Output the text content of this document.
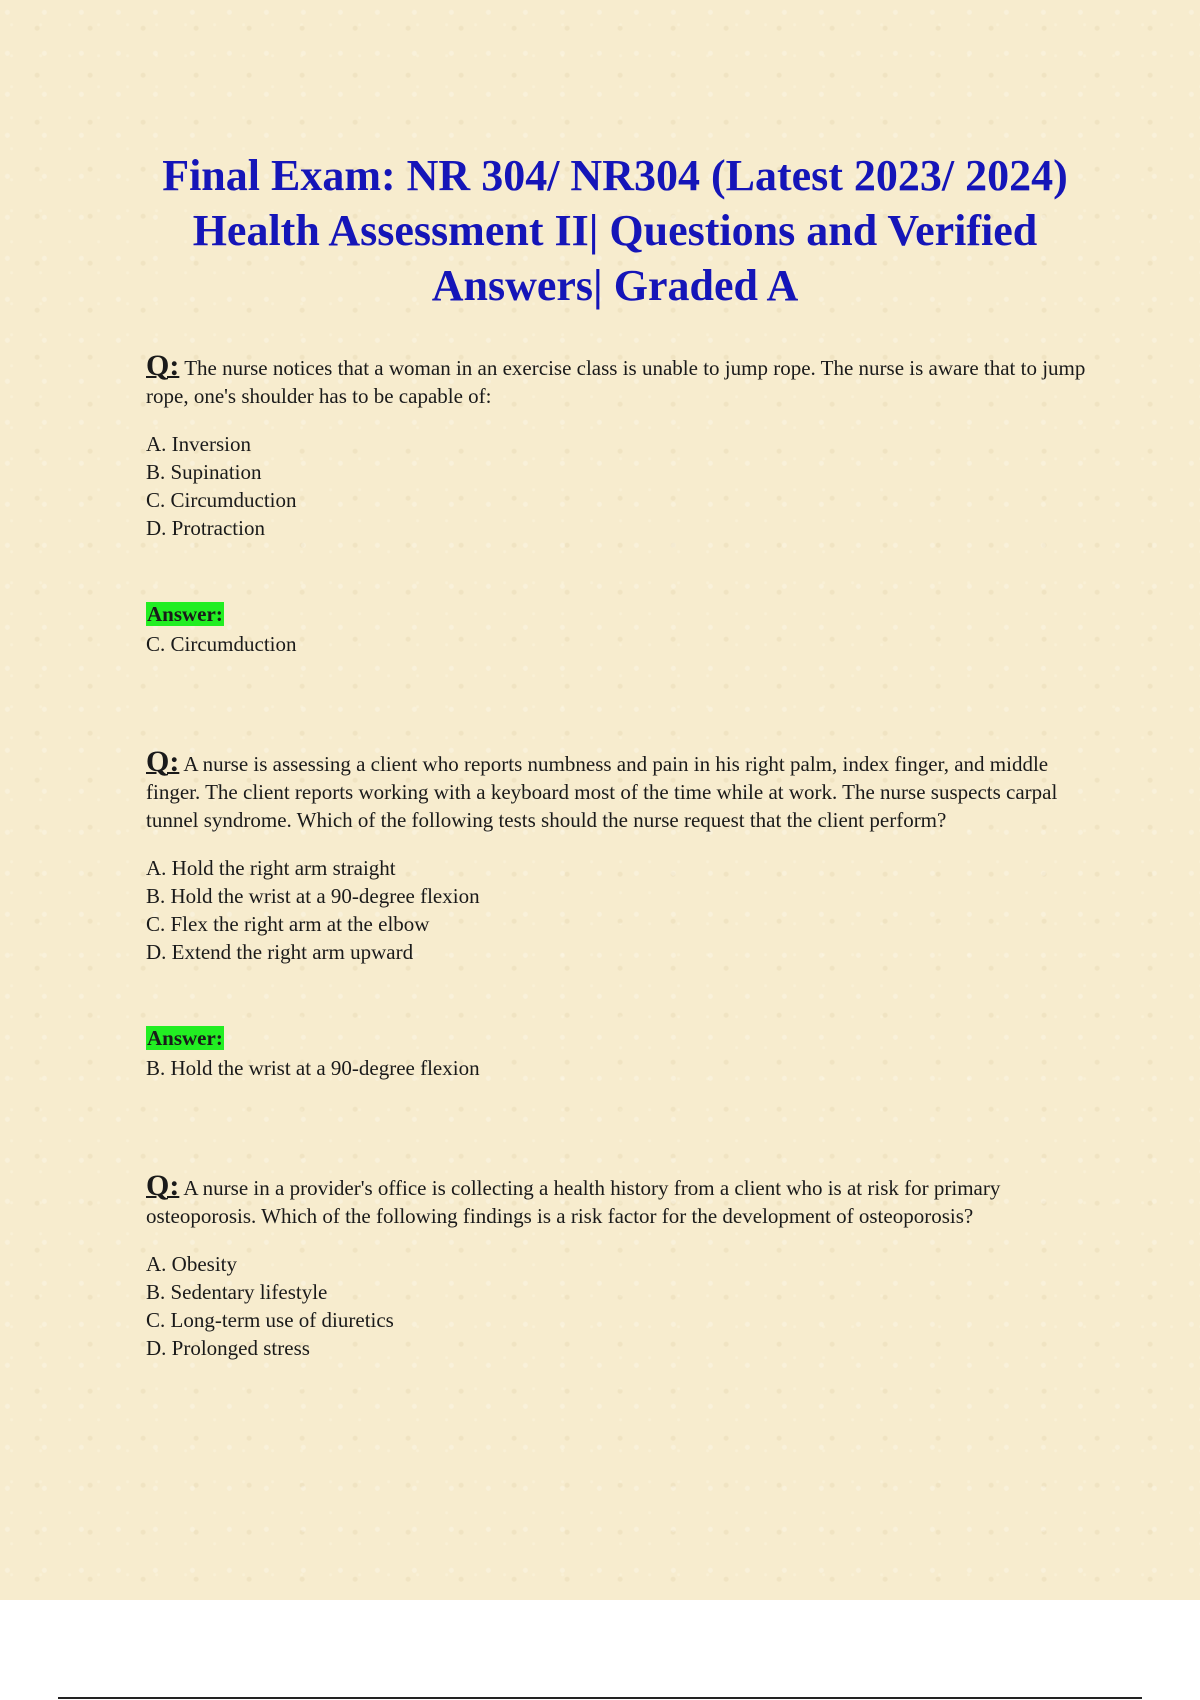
Final Exam: NR 304/ NR304 (Latest 2023/ 2024) Health Assessment II| Questions and Verified Answers| Graded A

Q: The nurse notices that a woman in an exercise class is unable to jump rope. The nurse is aware that to jump rope, one's shoulder has to be capable of:

A. Inversion
B. Supination
C. Circumduction
D. Protraction
Answer:

C. Circumduction

Q: A nurse is assessing a client who reports numbness and pain in his right palm, index finger, and middle finger. The client reports working with a keyboard most of the time while at work. The nurse suspects carpal tunnel syndrome. Which of the following tests should the nurse request that the client perform?

A. Hold the right arm straight
B. Hold the wrist at a 90-degree flexion
C. Flex the right arm at the elbow
D. Extend the right arm upward
Answer:

B. Hold the wrist at a 90-degree flexion

Q: A nurse in a provider's office is collecting a health history from a client who is at risk for primary osteoporosis. Which of the following findings is a risk factor for the development of osteoporosis?

A. Obesity
B. Sedentary lifestyle
C. Long-term use of diuretics
D. Prolonged stress
